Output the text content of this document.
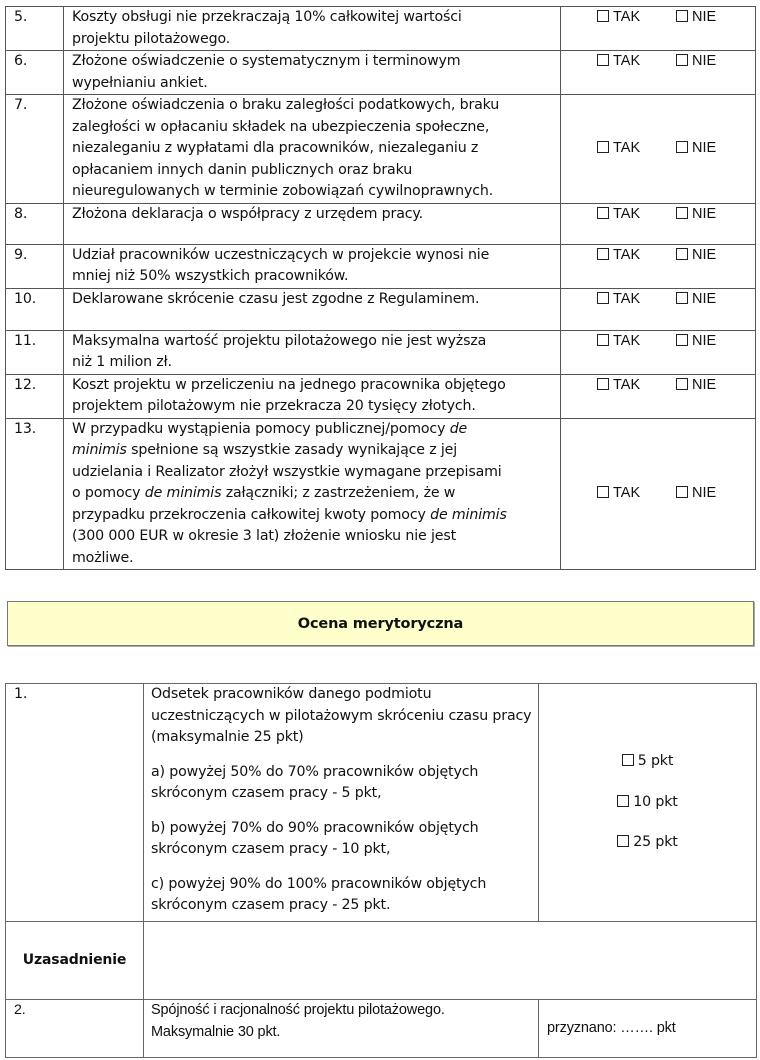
5.	Koszty obsługi nie przekraczają 10% całkowitej wartości
projektu pilotażowego.

TAK	NIE

6.	Złożone oświadczenie o systematycznym i terminowym
wypełnianiu ankiet.

TAK	NIE

7.	Złożone oświadczenia o braku zaległości podatkowych, braku
zaległości w opłacaniu składek na ubezpieczenia społeczne,
niezaleganiu z wypłatami dla pracowników, niezaleganiu z
opłacaniem innych danin publicznych oraz braku
nieuregulowanych w terminie zobowiązań cywilnoprawnych.

TAK	NIE

8.	Złożona deklaracja o współpracy z urzędem pracy.	TAK NIE

9.	Udział pracowników uczestniczących w projekcie wynosi nie
mniej niż 50% wszystkich pracowników.

TAK	NIE

10.	Deklarowane skrócenie czasu jest zgodne z Regulaminem.	TAK NIE

11.	Maksymalna wartość projektu pilotażowego nie jest wyższa
niż 1 milion zł.

TAK	NIE

12.	Koszt projektu w przeliczeniu na jednego pracownika objętego
projektem pilotażowym nie przekracza 20 tysięcy złotych.

TAK	NIE

13.	W przypadku wystąpienia pomocy publicznej/pomocy de
minimis spełnione są wszystkie zasady wynikające z jej
udzielania i Realizator złożył wszystkie wymagane przepisami
o pomocy de minimis załączniki; z zastrzeżeniem, że w
przypadku przekroczenia całkowitej kwoty pomocy de minimis
(300 000 EUR w okresie 3 lat) złożenie wniosku nie jest
możliwe.

TAK	NIE
Ocena merytoryczna
1.	Odsetek pracowników danego podmiotu uczestniczących w pilotażowym skróceniu czasu pracy (maksymalnie 25 pkt)
a) powyżej 50% do 70% pracowników objętych skróconym czasem pracy - 5 pkt,
b) powyżej 70% do 90% pracowników objętych skróconym czasem pracy - 10 pkt,
c) powyżej 90% do 100% pracowników objętych skróconym czasem pracy - 25 pkt.

5 pkt
10 pkt
25 pkt

Uzasadnienie		
2.	Spójność i racjonalność projektu pilotażowego.
Maksymalnie 30 pkt.	przyznano: ……. pkt
